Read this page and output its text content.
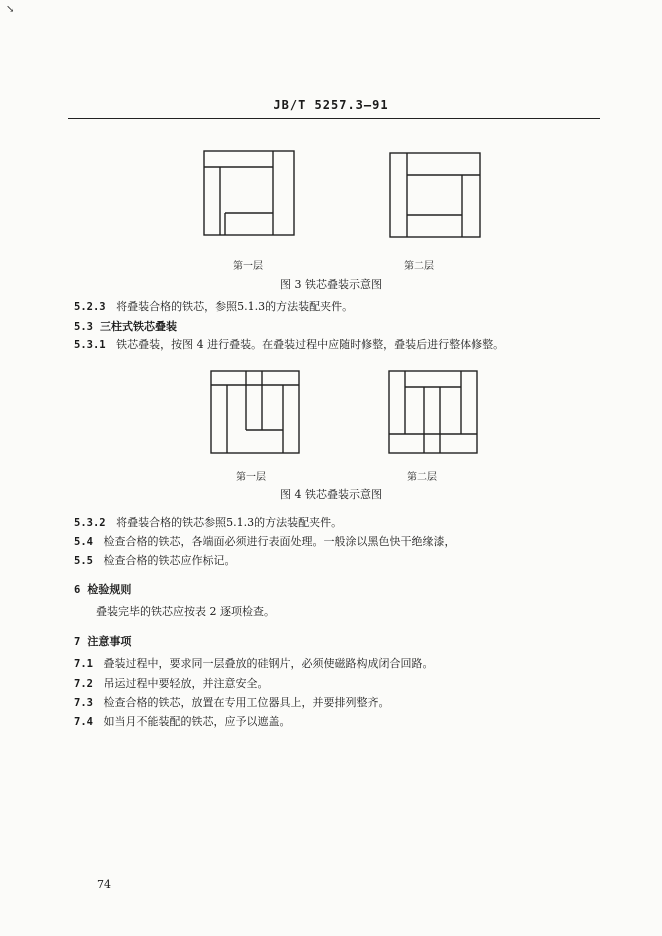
↘
JB/T 5257.3—91
第一层	第二层
图 3 铁芯叠装示意图
5.2.3 将叠装合格的铁芯，参照5.1.3的方法装配夹件。
5.3 三柱式铁芯叠装
5.3.1 铁芯叠装，按图 4 进行叠装。在叠装过程中应随时修整，叠装后进行整体修整。
第一层	第二层
图 4 铁芯叠装示意图
5.3.2 将叠装合格的铁芯参照5.1.3的方法装配夹件。
5.4 检查合格的铁芯，各端面必须进行表面处理。一般涂以黑色快干绝缘漆，
5.5 检查合格的铁芯应作标记。
6 检验规则
叠装完毕的铁芯应按表 2 逐项检查。
7 注意事项
7.1 叠装过程中，要求同一层叠放的硅钢片，必须使磁路构成闭合回路。
7.2 吊运过程中要轻放，并注意安全。
7.3 检查合格的铁芯，放置在专用工位器具上，并要排列整齐。
7.4 如当月不能装配的铁芯，应予以遮盖。
74
